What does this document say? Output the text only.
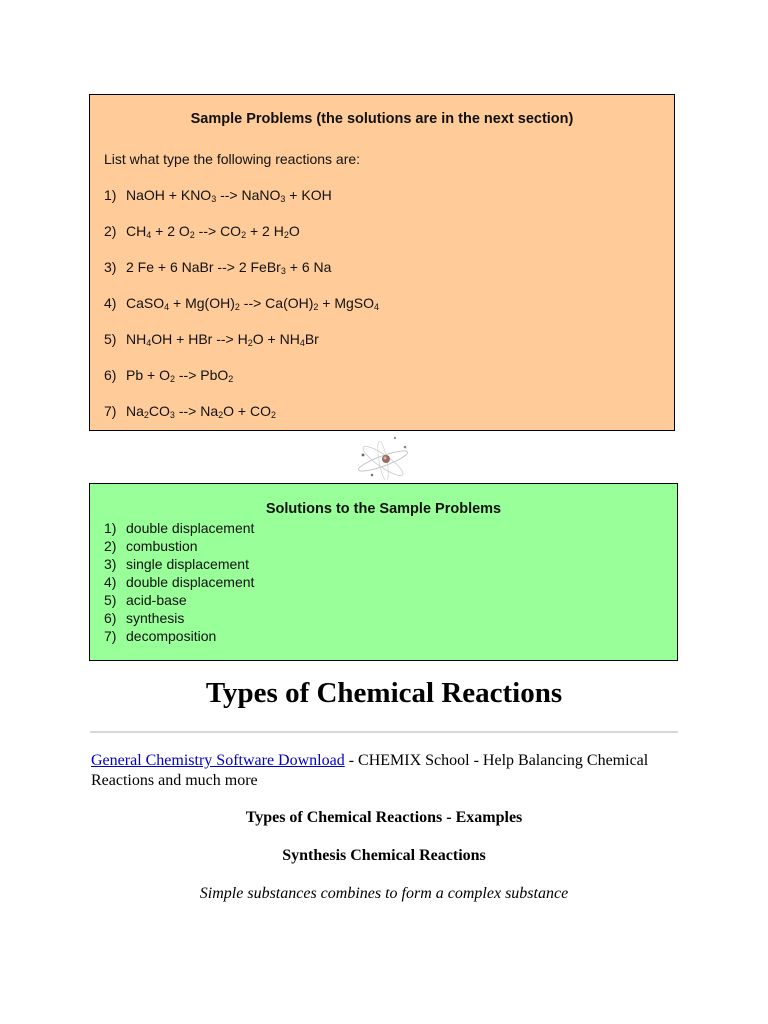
Sample Problems (the solutions are in the next section)
List what type the following reactions are:
1) NaOH + $KNO_3$ --> NaNO$_3$ + KOH
2) $CH_4 + 2$ $O_2$ --> $CO_2 + 2$ $H_2O$
3) 2 Fe + 6 NaBr --> 2 FeBr$_3$ + 6 Na
4) CaSO$_4$ + $Mg(OH)_2$ --> $Ca(OH)_2$ + MgSO$_4$
5) $NH_4OH$ + HBr --> $H_2O + NH_4Br$
6) $Pb + O_2$ --> PbO$_2$
7) $Na_2CO_3$ --> $Na_2O + CO_2$
Solutions to the Sample Problems
1) double displacement
2) combustion
3) single displacement
4) double displacement
5) acid-base
6) synthesis
7) decomposition
Types of Chemical Reactions

General Chemistry Software Download - CHEMIX School - Help Balancing Chemical Reactions and much more

Types of Chemical Reactions - Examples
Synthesis Chemical Reactions

Simple substances combines to form a complex substance
